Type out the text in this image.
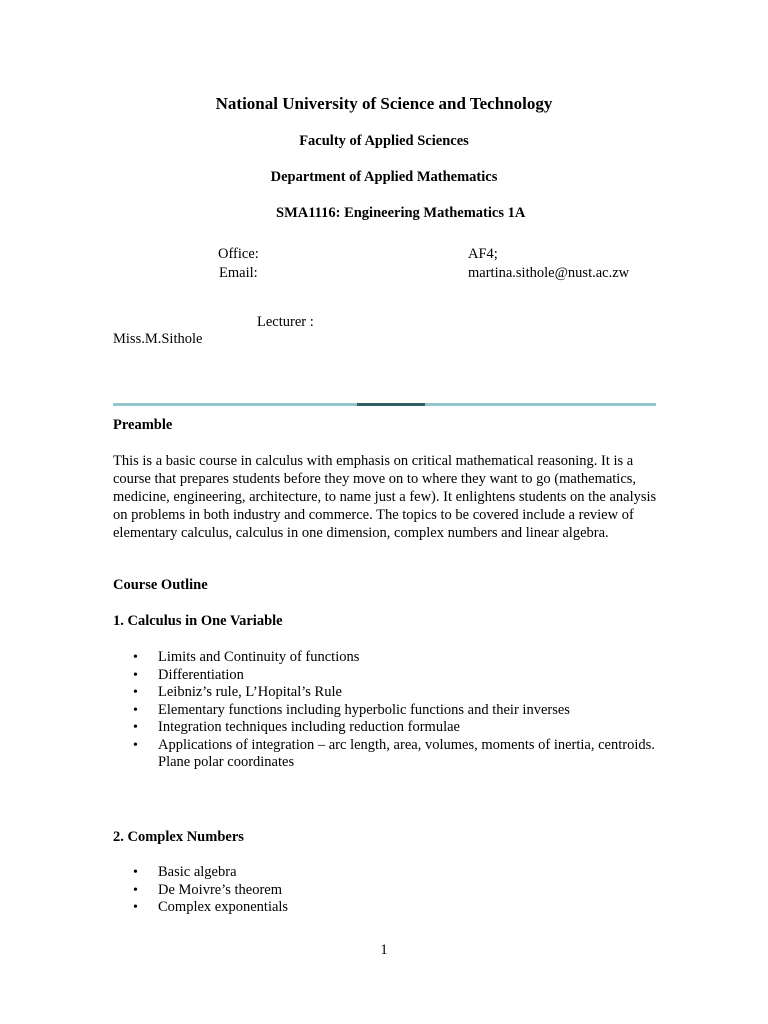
National University of Science and Technology
Faculty of Applied Sciences
Department of Applied Mathematics
SMA1116: Engineering Mathematics 1A
Office:	AF4;
Email:	martina.sithole@nust.ac.zw
Lecturer :
Miss.M.Sithole
Preamble
This is a basic course in calculus with emphasis on critical mathematical reasoning. It is a course that prepares students before they move on to where they want to go (mathematics, medicine, engineering, architecture, to name just a few). It enlightens students on the analysis on problems in both industry and commerce. The topics to be covered include a review of elementary calculus, calculus in one dimension, complex numbers and linear algebra.
Course Outline
1. Calculus in One Variable
• Limits and Continuity of functions
• Differentiation
• Leibniz’s rule, L’Hopital’s Rule
• Elementary functions including hyperbolic functions and their inverses
• Integration techniques including reduction formulae
• Applications of integration – arc length, area, volumes, moments of inertia, centroids. Plane polar coordinates
2. Complex Numbers
• Basic algebra
• De Moivre’s theorem
• Complex exponentials
1
